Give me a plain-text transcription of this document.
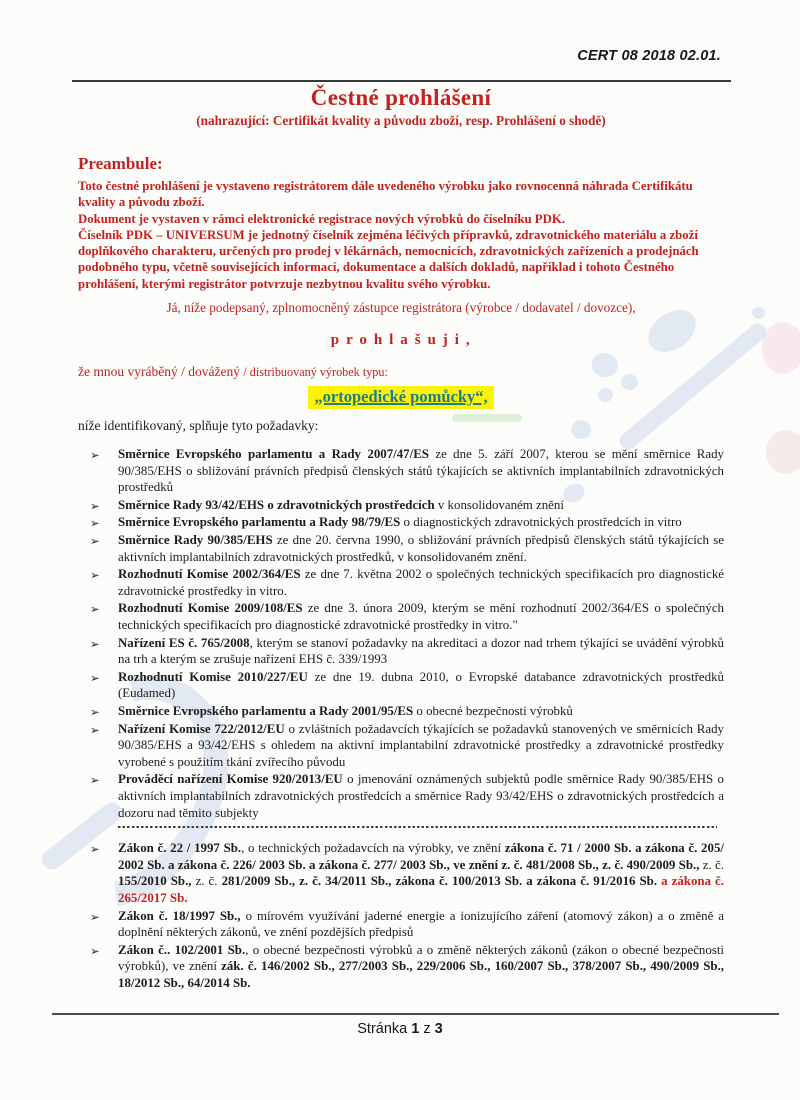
CERT 08 2018 02.01.
Čestné prohlášení
(nahrazující: Certifikát kvality a původu zboží, resp. Prohlášení o shodě)
Preambule:

Toto čestné prohlášení je vystaveno registrátorem dále uvedeného výrobku jako rovnocenná náhrada Certifikátu kvality a původu zboží.

Dokument je vystaven v rámci elektronické registrace nových výrobků do číselníku PDK.

Číselník PDK – UNIVERSUM je jednotný číselník zejména léčivých přípravků, zdravotnického materiálu a zboží doplňkového charakteru, určených pro prodej v lékárnách, nemocnicích, zdravotnických zařízeních a prodejnách podobného typu, včetně souvisejících informací, dokumentace a dalších dokladů, například i tohoto Čestného prohlášení, kterými registrátor potvrzuje nezbytnou kvalitu svého výrobku.

Já, níže podepsaný, zplnomocněný zástupce registrátora (výrobce / dodavatel / dovozce),

p r o h l a š u j i ,

že mnou vyráběný / dovážený / distribuovaný výrobek typu:

„ortopedické pomůcky“,

níže identifikovaný, splňuje tyto požadavky:

➢ Směrnice Evropského parlamentu a Rady 2007/47/ES ze dne 5. září 2007, kterou se mění směrnice Rady 90/385/EHS o sbližování právních předpisů členských států týkajících se aktivních implantabilních zdravotnických prostředků
➢ Směrnice Rady 93/42/EHS o zdravotnických prostředcích v konsolidovaném znění
➢ Směrnice Evropského parlamentu a Rady 98/79/ES o diagnostických zdravotnických prostředcích in vitro
➢ Směrnice Rady 90/385/EHS ze dne 20. června 1990, o sbližování právních předpisů členských států týkajících se aktivních implantabilních zdravotnických prostředků, v konsolidovaném znění.
➢ Rozhodnutí Komise 2002/364/ES ze dne 7. května 2002 o společných technických specifikacích pro diagnostické zdravotnické prostředky in vitro.
➢ Rozhodnutí Komise 2009/108/ES ze dne 3. února 2009, kterým se mění rozhodnutí 2002/364/ES o společných technických specifikacích pro diagnostické zdravotnické prostředky in vitro."
➢ Nařízení ES č. 765/2008, kterým se stanoví požadavky na akreditaci a dozor nad trhem týkající se uvádění výrobků na trh a kterým se zrušuje nařízení EHS č. 339/1993
➢ Rozhodnutí Komise 2010/227/EU ze dne 19. dubna 2010, o Evropské databance zdravotnických prostředků (Eudamed)
➢ Směrnice Evropského parlamentu a Rady 2001/95/ES o obecné bezpečnosti výrobků
➢ Nařízení Komise 722/2012/EU o zvláštních požadavcích týkajících se požadavků stanovených ve směrnicích Rady 90/385/EHS a 93/42/EHS s ohledem na aktivní implantabilní zdravotnické prostředky a zdravotnické prostředky vyrobené s použitím tkání zvířecího původu
➢ Prováděcí nařízení Komise 920/2013/EU o jmenování oznámených subjektů podle směrnice Rady 90/385/EHS o aktivních implantabilních zdravotnických prostředcích a směrnice Rady 93/42/EHS o zdravotnických prostředcích a dozoru nad těmito subjekty
➢ Zákon č. 22 / 1997 Sb., o technických požadavcích na výrobky, ve znění zákona č. 71 / 2000 Sb. a zákona č. 205/ 2002 Sb. a zákona č. 226/ 2003 Sb. a zákona č. 277/ 2003 Sb., ve znění z. č. 481/2008 Sb., z. č. 490/2009 Sb., z. č. 155/2010 Sb., z. č. 281/2009 Sb., z. č. 34/2011 Sb., zákona č. 100/2013 Sb. a zákona č. 91/2016 Sb. a zákona č. 265/2017 Sb.
➢ Zákon č. 18/1997 Sb., o mírovém využívání jaderné energie a ionizujícího záření (atomový zákon) a o změně a doplnění některých zákonů, ve znění pozdějších předpisů
➢ Zákon č.. 102/2001 Sb., o obecné bezpečnosti výrobků a o změně některých zákonů (zákon o obecné bezpečnosti výrobků), ve znění zák. č. 146/2002 Sb., 277/2003 Sb., 229/2006 Sb., 160/2007 Sb., 378/2007 Sb., 490/2009 Sb., 18/2012 Sb., 64/2014 Sb.
Stránka 1 z 3
